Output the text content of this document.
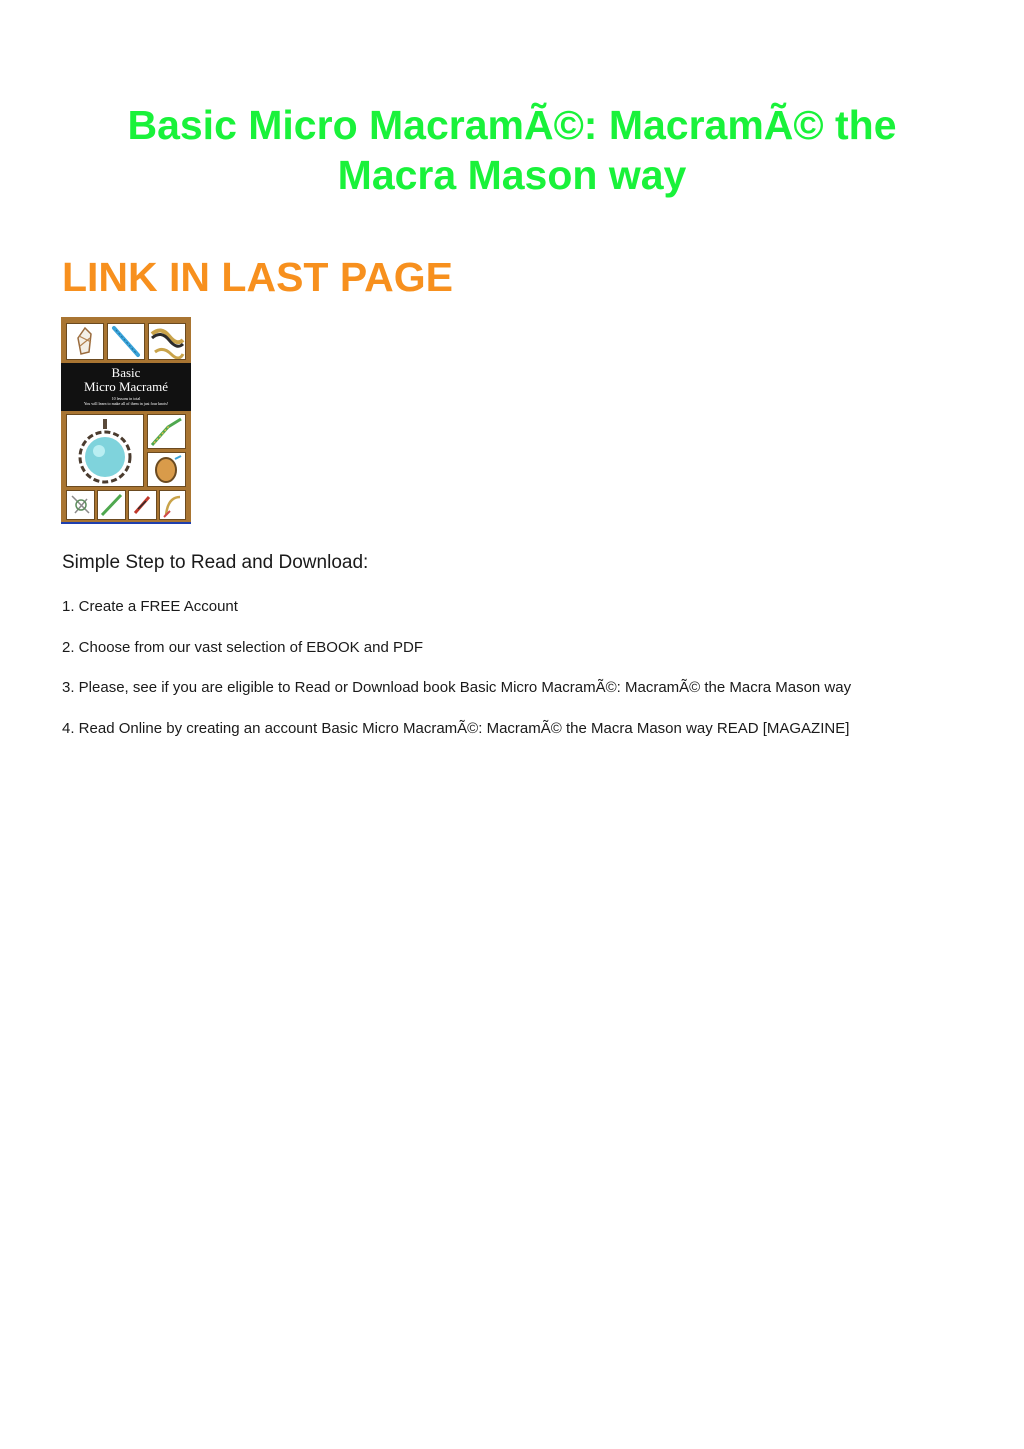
Basic Micro MacramÃ©: MacramÃ© the
Macra Mason way
LINK IN LAST PAGE
Basic
Micro Macramé
10 lessons in total
You will learn to make all of them in just four knots!
Simple Step to Read and Download:
1. Create a FREE Account
2. Choose from our vast selection of EBOOK and PDF
3. Please, see if you are eligible to Read or Download book Basic Micro MacramÃ©: MacramÃ© the Macra Mason way
4. Read Online by creating an account Basic Micro MacramÃ©: MacramÃ© the Macra Mason way READ [MAGAZINE]
